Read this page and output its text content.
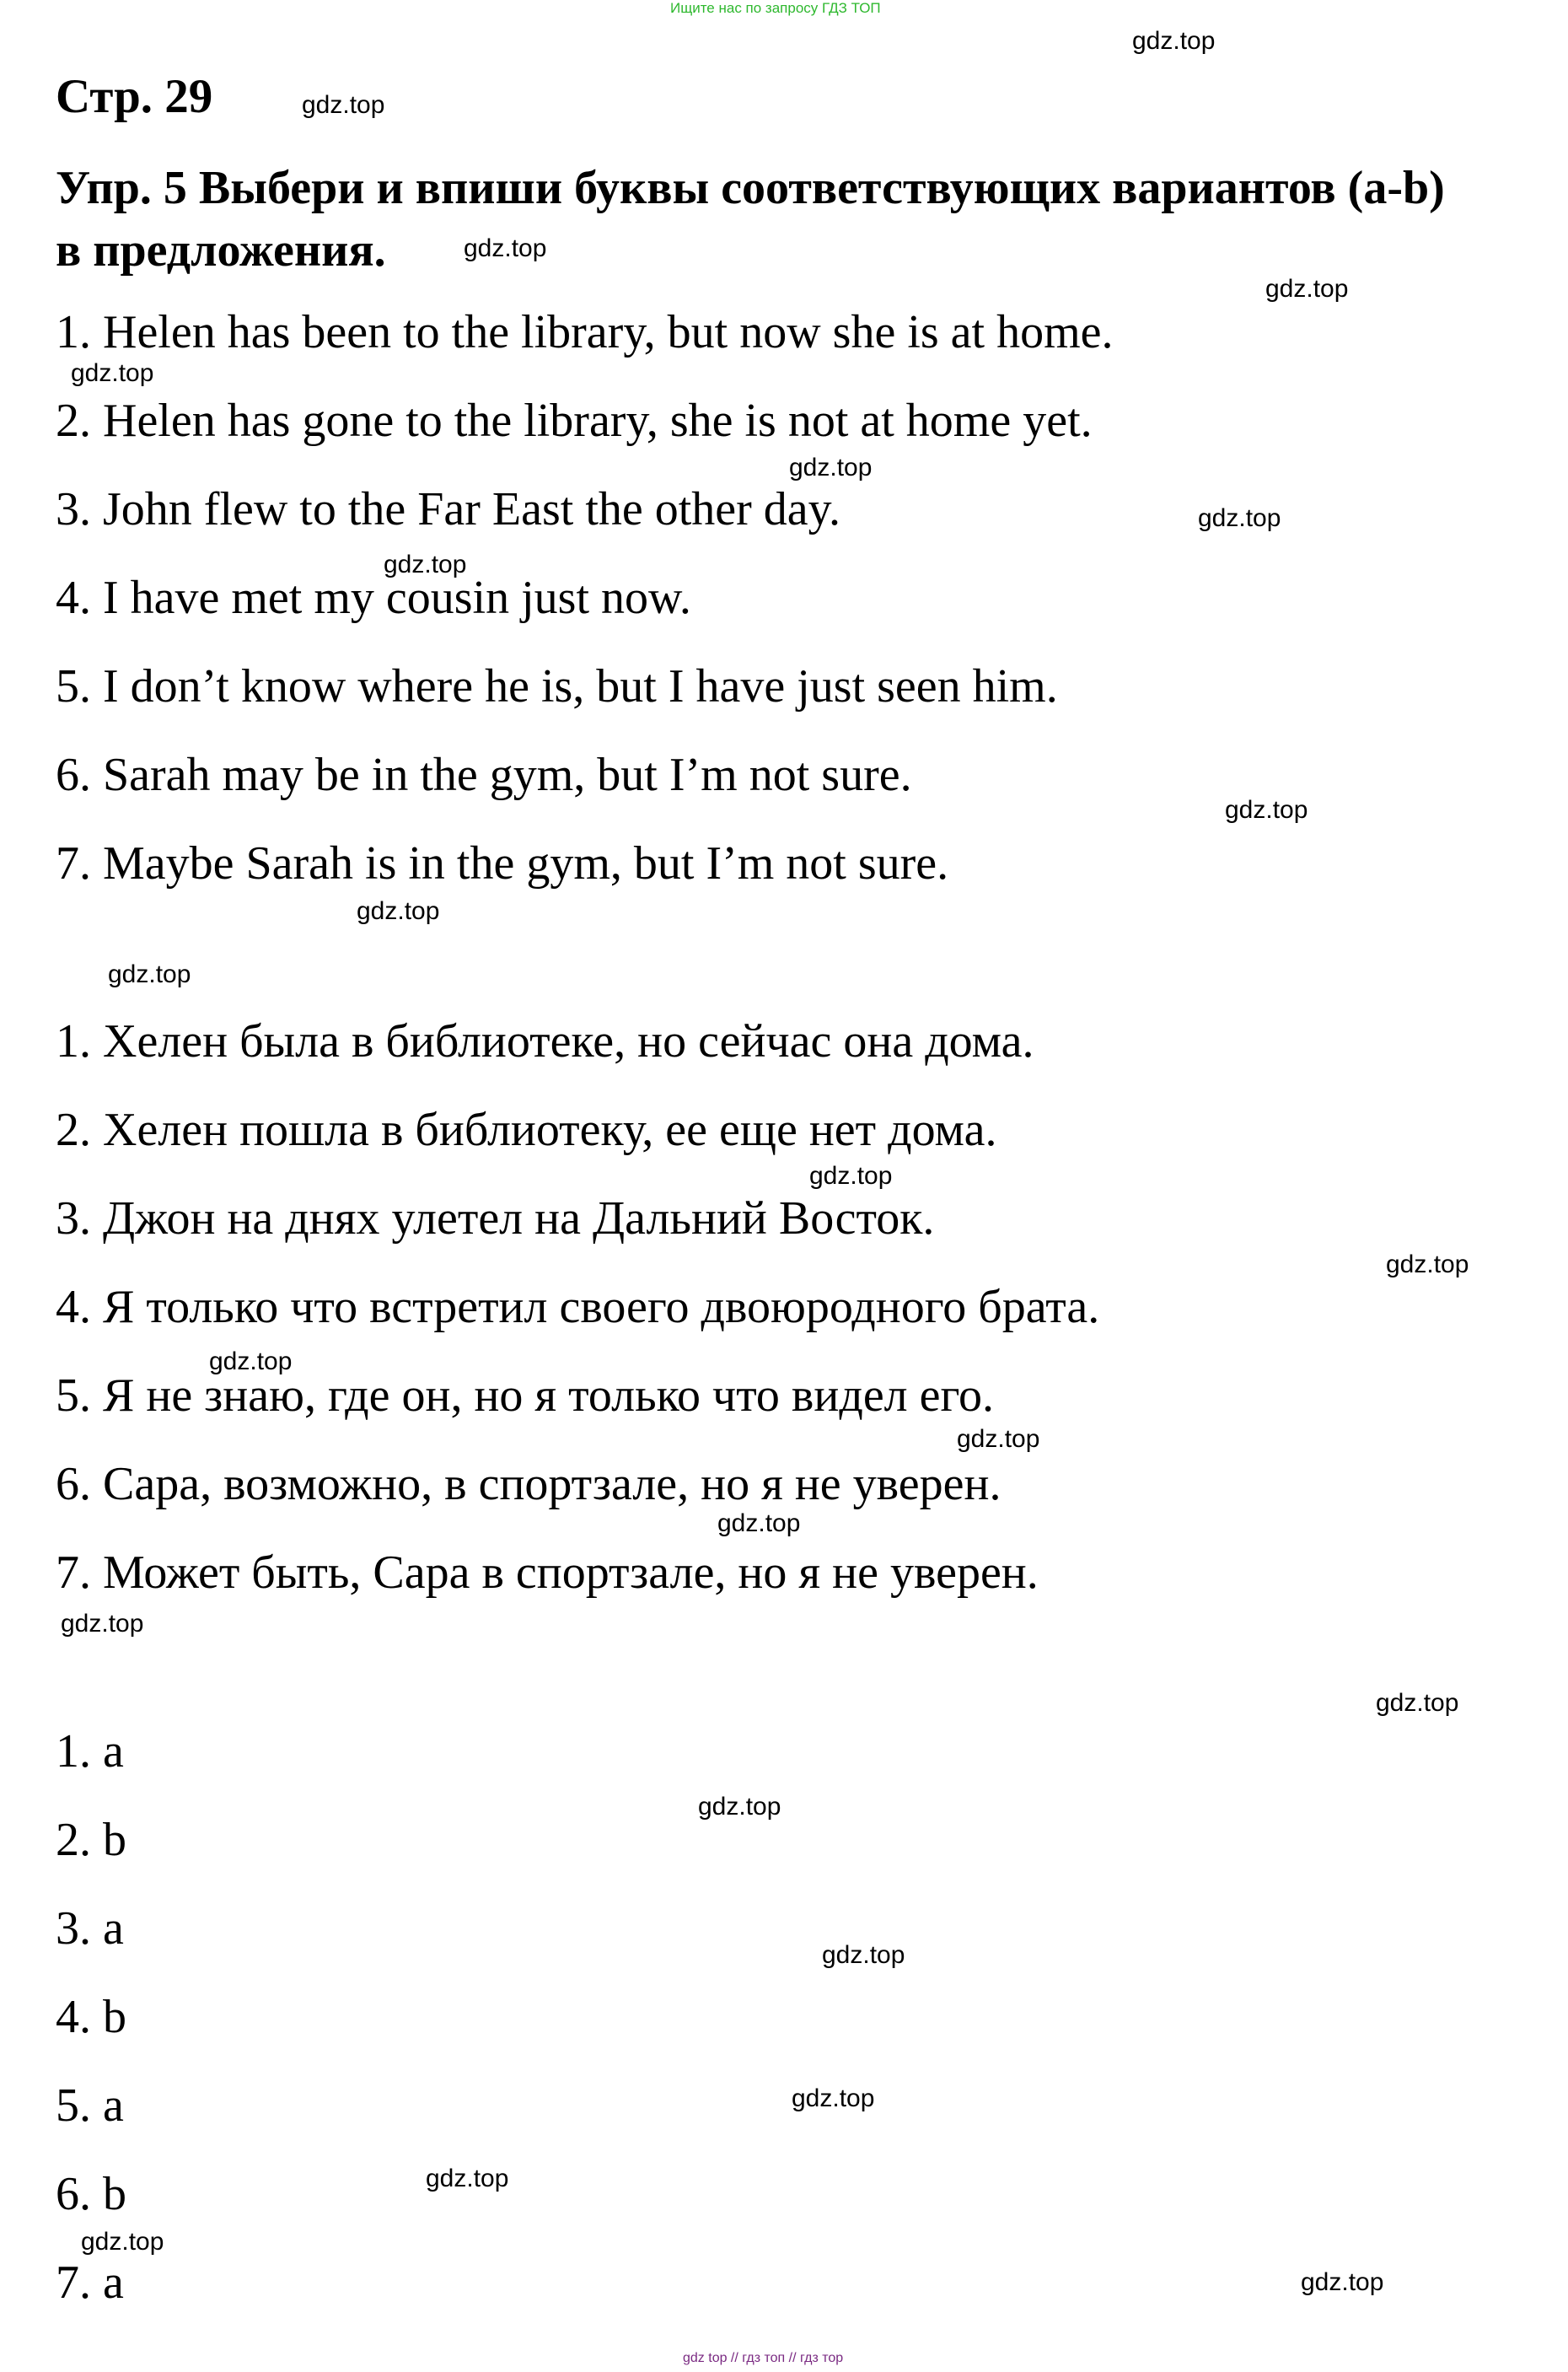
Ищите нас по запросу ГДЗ ТОП
Стр. 29
Упр. 5 Выбери и впиши буквы соответствующих вариантов (a-b)
в предложения.
1. Helen has been to the library, but now she is at home.
2. Helen has gone to the library, she is not at home yet.
3. John flew to the Far East the other day.
4. I have met my cousin just now.
5. I don’t know where he is, but I have just seen him.
6. Sarah may be in the gym, but I’m not sure.
7. Maybe Sarah is in the gym, but I’m not sure.
1. Хелен была в библиотеке, но сейчас она дома.
2. Хелен пошла в библиотеку, ее еще нет дома.
3. Джон на днях улетел на Дальний Восток.
4. Я только что встретил своего двоюродного брата.
5. Я не знаю, где он, но я только что видел его.
6. Сара, возможно, в спортзале, но я не уверен.
7. Может быть, Сара в спортзале, но я не уверен.
1. a
2. b
3. a
4. b
5. a
6. b
7. a
gdz.top
gdz.top
gdz.top
gdz.top
gdz.top
gdz.top
gdz.top
gdz.top
gdz.top
gdz.top
gdz.top
gdz.top
gdz.top
gdz.top
gdz.top
gdz.top
gdz.top
gdz.top
gdz.top
gdz.top
gdz.top
gdz.top
gdz.top
gdz.top
gdz top // гдз топ // гдз тор
